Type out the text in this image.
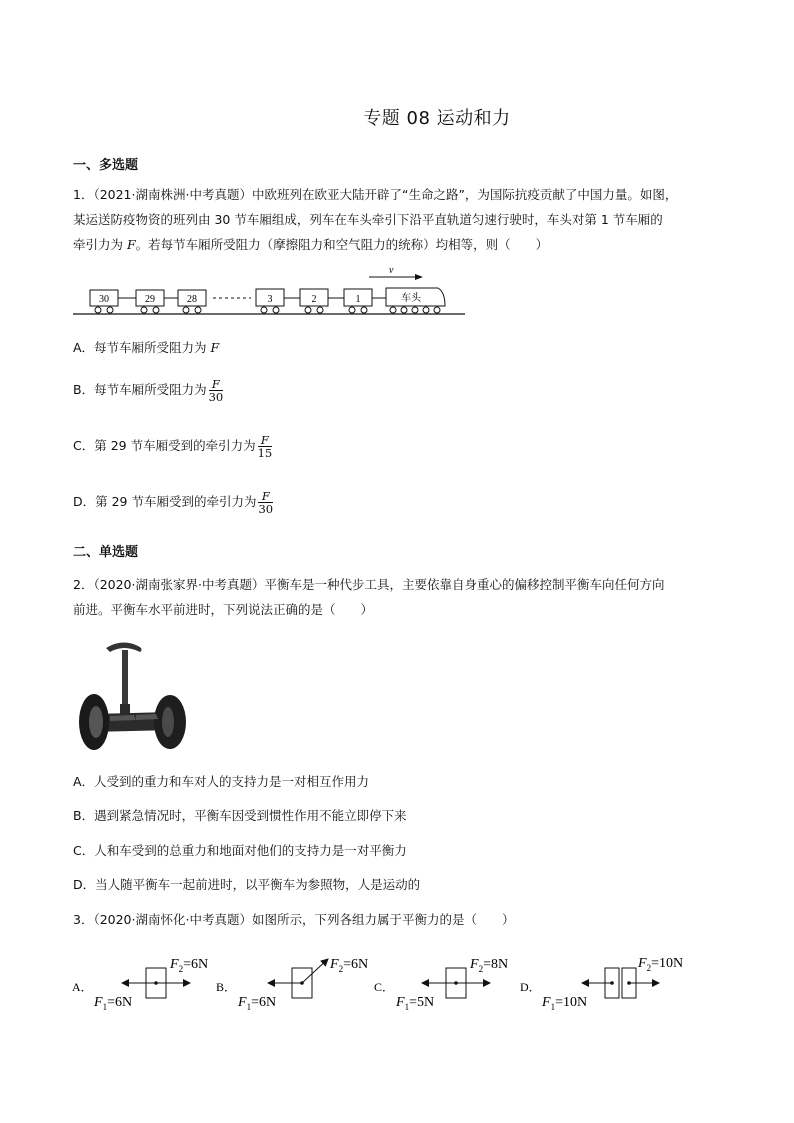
专题 08 运动和力
一、多选题
1．（2021·湖南株洲·中考真题）中欧班列在欧亚大陆开辟了“生命之路”，为国际抗疫贡献了中国力量。如图，
某运送防疫物资的班列由 30 节车厢组成，列车在车头牵引下沿平直轨道匀速行驶时，车头对第 1 节车厢的
牵引力为 F。若每节车厢所受阻力（摩擦阻力和空气阻力的统称）均相等，则（　　）
v
30	29	28	3	2	1	车头
A．每节车厢所受阻力为 F
B．每节车厢所受阻力为 $\frac{F}{30}$
C．第 29 节车厢受到的牵引力为 $\frac{F}{15}$
D．第 29 节车厢受到的牵引力为 $\frac{F}{30}$
二、单选题
2．（2020·湖南张家界·中考真题）平衡车是一种代步工具，主要依靠自身重心的偏移控制平衡车向任何方向
前进。平衡车水平前进时，下列说法正确的是（　　）
A．人受到的重力和车对人的支持力是一对相互作用力
B．遇到紧急情况时，平衡车因受到惯性作用不能立即停下来
C．人和车受到的总重力和地面对他们的支持力是一对平衡力
D．当人随平衡车一起前进时，以平衡车为参照物，人是运动的
3．（2020·湖南怀化·中考真题）如图所示，下列各组力属于平衡力的是（　　）
A．
$F_2=6N$
$F_1=6N$
B．
$F_2=6N$
$F_1=6N$
C．
$F_2=8N$
$F_1=5N$
D．
$F_2=10N$
$F_1=10N$
